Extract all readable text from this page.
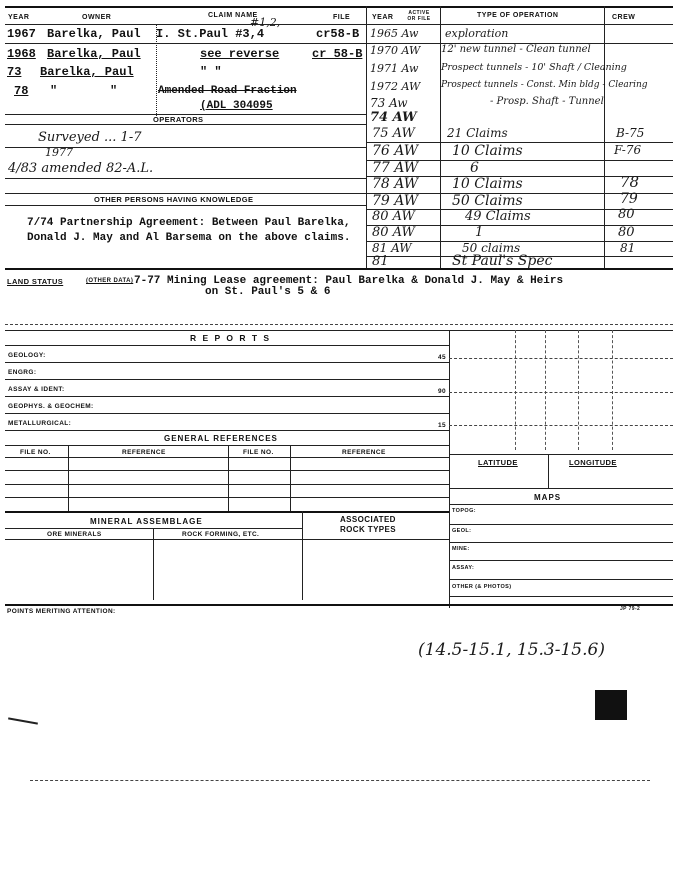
YEAR	OWNER	CLAIM NAME	FILE	YEAR
ACTIVE OR FILE	TYPE OF OPERATION	CREW
1967 Barelka, Paul I. St.Paul #3,4
#1,2,
cr58-B
1968 Barelka, Paul	see reverse	cr 58-B
73 Barelka, Paul	" "
78 "	"	Amended Road Fraction
(ADL 304095
OPERATORS
Surveyed ... 1-7
1977
4/83 amended 82-A.L.
OTHER PERSONS HAVING KNOWLEDGE
7/74 Partnership Agreement: Between Paul Barelka,
Donald J. May and Al Barsema on the above claims.
1965 Aw exploration
1970 AW 12' new tunnel - Clean tunnel
1971 Aw Prospect tunnels - 10' Shaft / Cleaning
1972 AW Prospect tunnels - Const. Min bldg - Clearing
73 Aw	- Prosp. Shaft - Tunnel
74 AW
75 AW	21 Claims	B-75
76 AW 10 Claims	F-76
77 AW	6
78 AW 10 Claims	78
79 AW 50 Claims	79
80 AW	49 Claims	80
80 AW	1	80
81 AW	50 claims	81
81	St Paul's Spec
LAND STATUS	(OTHER DATA) 7-77 Mining Lease agreement: Paul Barelka & Donald J. May & Heirs
on St. Paul's 5 & 6
R E P O R T S
GEOLOGY:	45
ENGRG:
ASSAY & IDENT:	90
GEOPHYS. & GEOCHEM:
METALLURGICAL:	15
GENERAL REFERENCES
FILE NO.	REFERENCE	FILE NO.	REFERENCE
LATITUDE	LONGITUDE
MAPS
TOPOG:
GEOL:
MINE:
ASSAY:
OTHER (& PHOTOS)
MINERAL ASSEMBLAGE	ASSOCIATED
ROCK TYPES
ORE MINERALS	ROCK FORMING, ETC.
POINTS MERITING ATTENTION:	JP 79-2
(14.5-15.1, 15.3-15.6)
